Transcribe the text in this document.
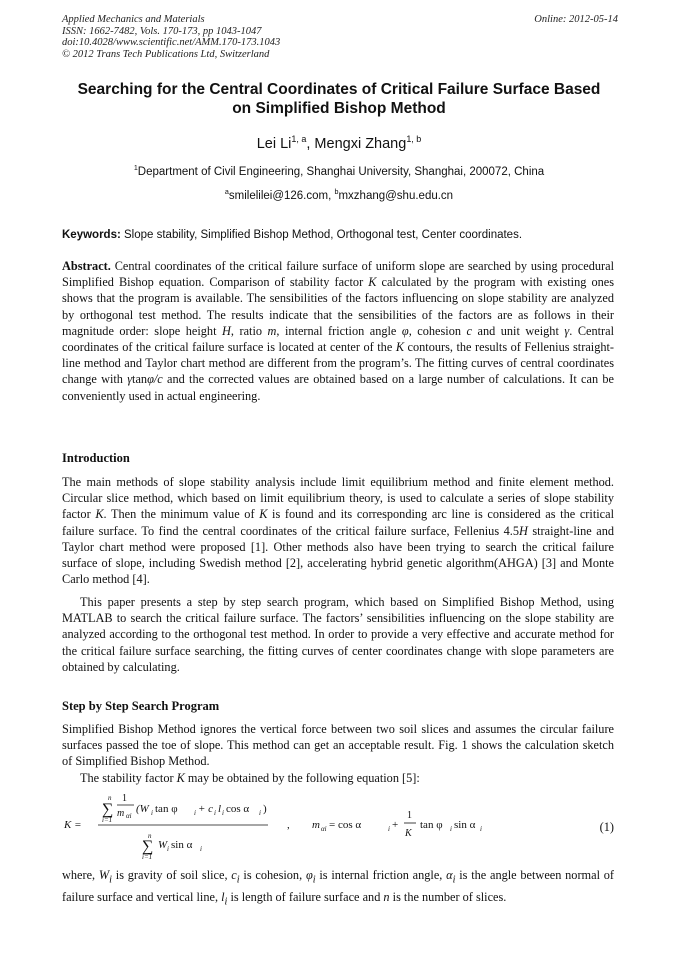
Applied Mechanics and Materials
ISSN: 1662-7482, Vols. 170-173, pp 1043-1047
doi:10.4028/www.scientific.net/AMM.170-173.1043
© 2012 Trans Tech Publications Ltd, Switzerland
Online: 2012-05-14
Searching for the Central Coordinates of Critical Failure Surface Based
on Simplified Bishop Method
Lei Li$^{1, a}$, Mengxi Zhang$^{1, b}$
$^1$Department of Civil Engineering, Shanghai University, Shanghai, 200072, China
$^a$smilelilei@126.com, $^b$mxzhang@shu.edu.cn
Keywords: Slope stability, Simplified Bishop Method, Orthogonal test, Center coordinates.
Abstract. Central coordinates of the critical failure surface of uniform slope are searched by using procedural Simplified Bishop equation. Comparison of stability factor K calculated by the program with existing ones shows that the program is available. The sensibilities of the factors influencing on slope stability are analyzed by orthogonal test method. The results indicate that the sensibilities of the factors are as follows in their magnitude order: slope height H, ratio m, internal friction angle φ, cohesion c and unit weight γ. Central coordinates of the critical failure surface is located at center of the K contours, the results of Fellenius straight-line method and Taylor chart method are different from the program’s. The fitting curves of central coordinates change with γtanφ/c and the corrected values are obtained based on a large number of calculations. It can be conveniently used in actual engineering.
Introduction
The main methods of slope stability analysis include limit equilibrium method and finite element method. Circular slice method, which based on limit equilibrium theory, is used to calculate a series of slope stability factor K. Then the minimum value of K is found and its corresponding arc line is considered as the critical failure surface. To find the central coordinates of the critical failure surface, Fellenius 4.5H straight-line and Taylor chart method were proposed [1]. Other methods also have been trying to search the critical failure surface of slope, including Swedish method [2], accelerating hybrid genetic algorithm(AHGA) [3] and Monte Carlo method [4].
This paper presents a step by step search program, which based on Simplified Bishop Method, using MATLAB to search the critical failure surface. The factors’ sensibilities influencing on the slope stability are analyzed according to the orthogonal test method. In order to provide a very effective and accurate method for the critical failure surface searching, the fitting curves of center coordinates change with slope parameters are obtained by calculating.
Step by Step Search Program
Simplified Bishop Method ignores the vertical force between two soil slices and assumes the circular failure surfaces passed the toe of slope. This method can get an acceptable result. Fig. 1 shows the calculation sketch of Simplified Bishop Method.
The stability factor K may be obtained by the following equation [5]:
K =
n
∑
i=1
1
m αi
(W i tan φ i + c i l i cos α i )
n
∑
i=1
W i sin α i
, m αi = cos α	i +
1
K
tan φ i sin α i	(1)
where, $W_i$ is gravity of soil slice, $c_i$ is cohesion, $\varphi_i$ is internal friction angle, $\alpha_i$ is the angle between normal of failure surface and vertical line, $l_i$ is length of failure surface and n is the number of slices.
